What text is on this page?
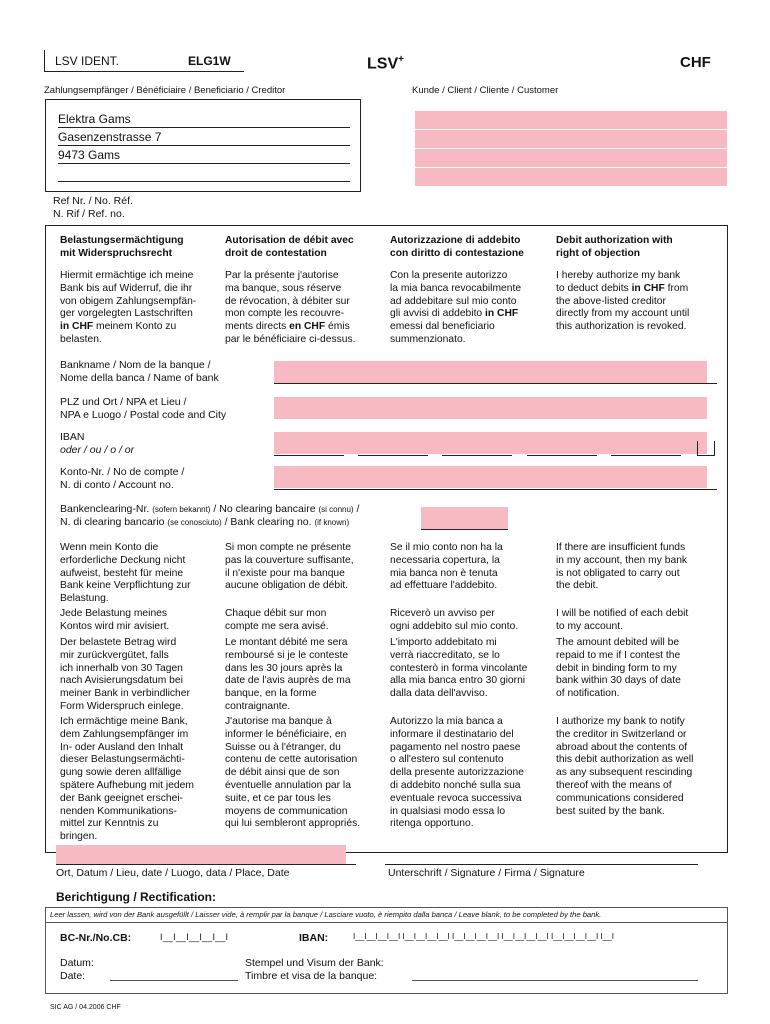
LSV IDENT.	ELG1W	LSV+	CHF
Zahlungsempfänger / Bénéficiaire / Beneficiario / Creditor	Kunde / Client / Cliente / Customer
Elektra Gams
Gasenzenstrasse 7
9473 Gams
Ref Nr. / No. Réf.
N. Rif / Ref. no.

Belastungsermächtigung
mit Widerspruchsrecht

Hiermit ermächtige ich meine
Bank bis auf Widerruf, die ihr
von obigem Zahlungsempfän-
ger vorgelegten Lastschriften
in CHF meinem Konto zu
belasten.

Autorisation de débit avec
droit de contestation

Par la présente j'autorise
ma banque, sous réserve
de révocation, à débiter sur
mon compte les recouvre-
ments directs en CHF émis
par le bénéficiaire ci-dessus.

Autorizzazione di addebito
con diritto di contestazione

Con la presente autorizzo
la mia banca revocabilmente
ad addebitare sul mio conto
gli avvisi di addebito in CHF
emessi dal beneficiario
summenzionato.

Debit authorization with
right of objection

I hereby authorize my bank
to deduct debits in CHF from
the above-listed creditor
directly from my account until
this authorization is revoked.

Bankname / Nom de la banque /
Nome della banca / Name of bank
PLZ und Ort / NPA et Lieu /
NPA e Luogo / Postal code and City
IBAN
oder / ou / o / or
Konto-Nr. / No de compte /
N. di conto / Account no.
Bankenclearing-Nr. (sofern bekannt) / No clearing bancaire (si connu) /
N. di clearing bancario (se conosciuto) / Bank clearing no. (if known)

Wenn mein Konto die
erforderliche Deckung nicht
aufweist, besteht für meine
Bank keine Verpflichtung zur
Belastung.

Si mon compte ne présente
pas la couverture suffisante,
il n'existe pour ma banque
aucune obligation de débit.

Se il mio conto non ha la
necessaria copertura, la
mia banca non è tenuta
ad effettuare l'addebito.

If there are insufficient funds
in my account, then my bank
is not obligated to carry out
the debit.

Jede Belastung meines
Kontos wird mir avisiert.

Chaque débit sur mon
compte me sera avisé.

Riceverò un avviso per
ogni addebito sul mio conto.

I will be notified of each debit
to my account.

Der belastete Betrag wird
mir zurückvergütet, falls
ich innerhalb von 30 Tagen
nach Avisierungsdatum bei
meiner Bank in verbindlicher
Form Widerspruch einlege.

Le montant débité me sera
remboursé si je le conteste
dans les 30 jours après la
date de l'avis auprès de ma
banque, en la forme
contraignante.

L'importo addebitato mi
verrà riaccreditato, se lo
contesterò in forma vincolante
alla mia banca entro 30 giorni
dalla data dell'avviso.

The amount debited will be
repaid to me if I contest the
debit in binding form to my
bank within 30 days of date
of notification.

Ich ermächtige meine Bank,
dem Zahlungsempfänger im
In- oder Ausland den Inhalt
dieser Belastungsermächti-
gung sowie deren allfällige
spätere Aufhebung mit jedem
der Bank geeignet erschei-
nenden Kommunikations-
mittel zur Kenntnis zu
bringen.

J'autorise ma banque à
informer le bénéficiaire, en
Suisse ou à l'étranger, du
contenu de cette autorisation
de débit ainsi que de son
éventuelle annulation par la
suite, et ce par tous les
moyens de communication
qui lui sembleront appropriés.

Autorizzo la mia banca a
informare il destinatario del
pagamento nel nostro paese
o all'estero sul contenuto
della presente autorizzazione
di addebito nonché sulla sua
eventuale revoca successiva
in qualsiasi modo essa lo
ritenga opportuno.

I authorize my bank to notify
the creditor in Switzerland or
abroad about the contents of
this debit authorization as well
as any subsequent rescinding
thereof with the means of
communications considered
best suited by the bank.

Ort, Datum / Lieu, date / Luogo, data / Place, Date	Unterschrift / Signature / Firma / Signature
Berichtigung / Rectification:
Leer lassen, wird von der Bank ausgefüllt / Laisser vide, à remplir par la banque / Lasciare vuoto, è riempito dalla banca / Leave blank, to be completed by the bank.
BC-Nr./No.CB:	I__I__I__I__I__I	IBAN:	I__I__I__I__I I__I__I__I__I I__I__I__I__I I__I__I__I__I I__I__I__I__I I__I
Datum:
Date:
Stempel und Visum der Bank:
Timbre et visa de la banque:
SIC AG / 04.2006 CHF
